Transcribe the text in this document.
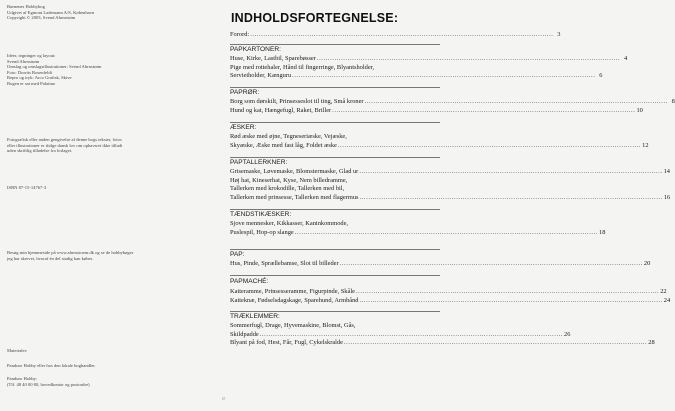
Børnenes Hobbybog
Udgivet af Egmont Lademann A/S, København
Copyright © 2003, Svend Ahrnstrøm
Ideer, tegninger og layout:
Svend Ahrnstrøm
Omslag og omslagsillustrationer: Svend Ahrnstrøm
Foto: Dorrits Rosenfeldt
Repro og tryk: Arco Grafisk, Skive
Bogen er sat med Palatino
Fotografisk eller anden gengivelse af denne bogs tekster, fotos
eller illustrationer er ifølge dansk lov om ophavsret ikke tilladt
uden skriftlig tilladelse fra forlaget.
ISBN 87-15-14767-3
Besøg min hjemmeside på www.ahrnstroem.dk og se de hobbybøger
jeg har skrevet, hvoraf én del stadig kan købes.
Materialer:
Panduro Hobby eller hos den lokale boghandler.
Panduro Hobby:
(Tlf. 48 40 00 80, hovedkontor og postordre)
INDHOLDSFORTEGNELSE:
Forord: .......................................................................................................................................... 3
PAPKARTONER:
Huse, Kirke, Lastbil, Sparebøsser .......................................................................................................................................... 4
Pige med rottehaler, Hånd til fingerringe, Blyantsholder,
Servietholder, Kænguru .......................................................................................................................................... 6
PAPRØR:
Borg som dørskilt, Prinsesseslot til ting, Små kroner .......................................................................................................................................... 8
Hund og kat, Hængefugl, Raket, Briller .......................................................................................................................................... 10
ÆSKER:
Rød æske med øjne, Tegneseriæske, Vejæske,
Skyæske, Æske med fast låg, Foldet æske .......................................................................................................................................... 12
PAPTALLERKNER:
Grisemaske, Løvemaske, Blomstermaske, Glad ur .......................................................................................................................................... 14
Høj hat, Kineserhat, Kyse, Nem billedramme,
Tallerken med krokodille, Tallerken med bil,
Tallerken med prinsesse, Tallerken med flagermus .......................................................................................................................................... 16
TÆNDSTIKÆSKER:
Sjove mennesker, Kikkasser, Kaninkommode,
Puslespil, Hop-op slange .......................................................................................................................................... 18
PAP:
Hus, Pinde, Sprællebamse, Slot til billeder .......................................................................................................................................... 20
PAPMACHÉ:
Katteramme, Prinsesseramme, Figurpinde, Skåle .......................................................................................................................................... 22
Katteknæ, Fødselsdagskage, Sparehund, Armbånd .......................................................................................................................................... 24
TRÆKLEMMER:
Sommerfugl, Drage, Hyvemaskine, Blomst, Gås,
Skildpadde .......................................................................................................................................... 26
Blyant på fod, Hest, Får, Fugl, Cykelskralde .......................................................................................................................................... 28
ø
